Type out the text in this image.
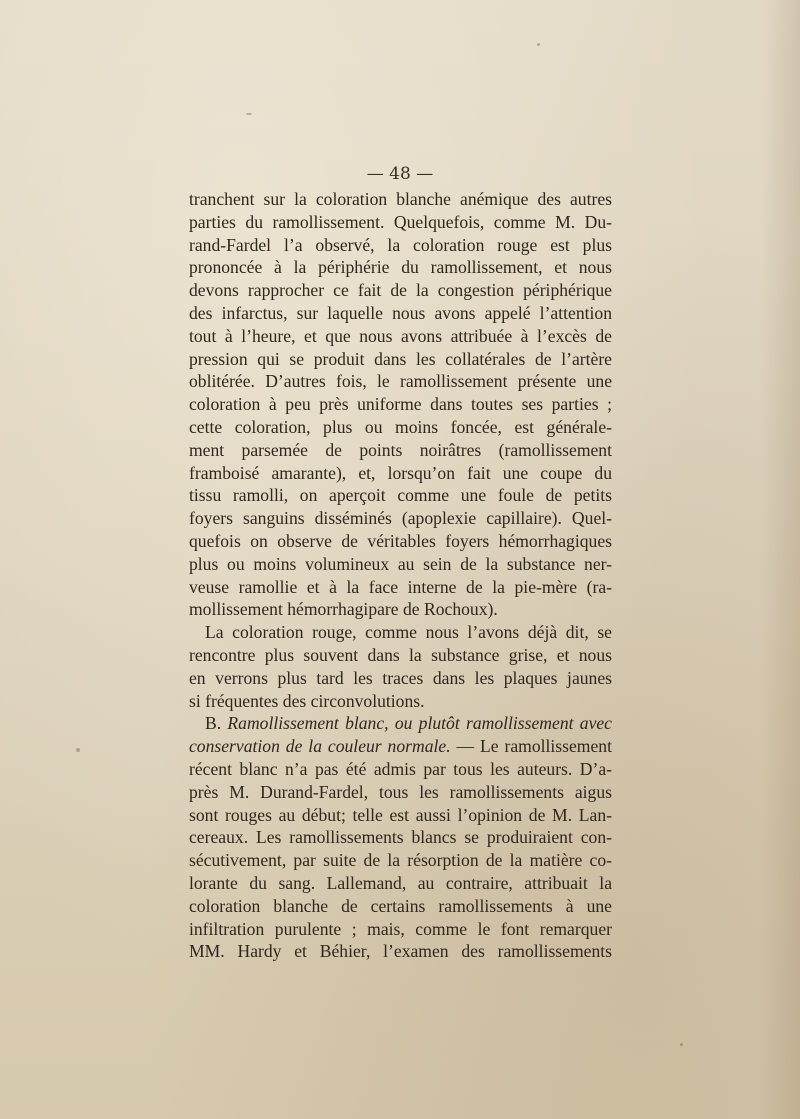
— 48 —
tranchent sur la coloration blanche anémique des autres
parties du ramollissement. Quelquefois, comme M. Du-
rand-Fardel l’a observé, la coloration rouge est plus
prononcée à la périphérie du ramollissement, et nous
devons rapprocher ce fait de la congestion périphérique
des infarctus, sur laquelle nous avons appelé l’attention
tout à l’heure, et que nous avons attribuée à l’excès de
pression qui se produit dans les collatérales de l’artère
oblitérée. D’autres fois, le ramollissement présente une
coloration à peu près uniforme dans toutes ses parties ;
cette coloration, plus ou moins foncée, est générale-
ment parsemée de points noirâtres (ramollissement
framboisé amarante), et, lorsqu’on fait une coupe du
tissu ramolli, on aperçoit comme une foule de petits
foyers sanguins disséminés (apoplexie capillaire). Quel-
quefois on observe de véritables foyers hémorrhagiques
plus ou moins volumineux au sein de la substance ner-
veuse ramollie et à la face interne de la pie-mère (ra-
mollissement hémorrhagipare de Rochoux).
La coloration rouge, comme nous l’avons déjà dit, se
rencontre plus souvent dans la substance grise, et nous
en verrons plus tard les traces dans les plaques jaunes
si fréquentes des circonvolutions.
B. Ramollissement blanc, ou plutôt ramollissement avec
conservation de la couleur normale. — Le ramollissement
récent blanc n’a pas été admis par tous les auteurs. D’a-
près M. Durand-Fardel, tous les ramollissements aigus
sont rouges au début; telle est aussi l’opinion de M. Lan-
cereaux. Les ramollissements blancs se produiraient con-
sécutivement, par suite de la résorption de la matière co-
lorante du sang. Lallemand, au contraire, attribuait la
coloration blanche de certains ramollissements à une
infiltration purulente ; mais, comme le font remarquer
MM. Hardy et Béhier, l’examen des ramollissements
